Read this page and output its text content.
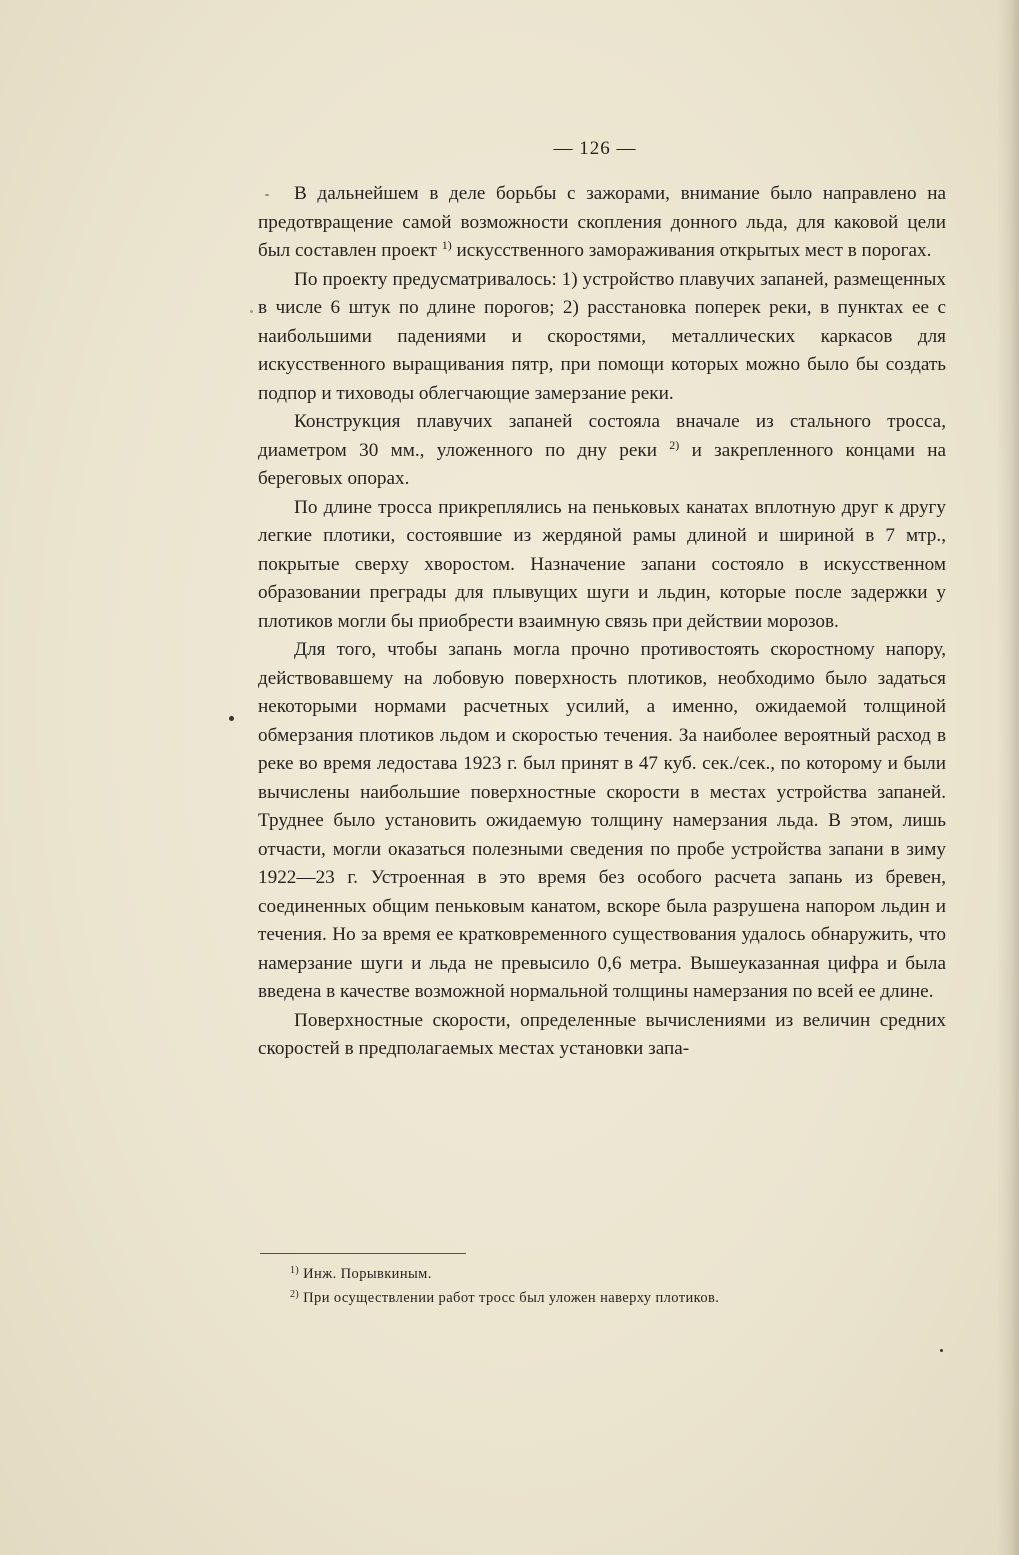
— 126 —

В дальнейшем в деле борьбы с зажорами, внимание было направлено на предотвращение самой возможности скопления донного льда, для каковой цели был составлен проект $^{1)}$ искусственного замораживания открытых мест в порогах.

По проекту предусматривалось: 1) устройство плавучих запаней, размещенных в числе 6 штук по длине порогов; 2) расстановка поперек реки, в пунктах ее с наибольшими падениями и скоростями, металлических каркасов для искусственного выращивания пятр, при помощи которых можно было бы создать подпор и тиховоды облегчающие замерзание реки.

Конструкция плавучих запаней состояла вначале из стального тросса, диаметром 30 мм., уложенного по дну реки $^{2)}$ и закрепленного концами на береговых опорах.

По длине тросса прикреплялись на пеньковых канатах вплотную друг к другу легкие плотики, состоявшие из жердяной рамы длиной и шириной в 7 мтр., покрытые сверху хворостом. Назначение запани состояло в искусственном образовании преграды для плывущих шуги и льдин, которые после задержки у плотиков могли бы приобрести взаимную связь при действии морозов.

Для того, чтобы запань могла прочно противостоять скоростному напору, действовавшему на лобовую поверхность плотиков, необходимо было задаться некоторыми нормами расчетных усилий, а именно, ожидаемой толщиной обмерзания плотиков льдом и скоростью течения. За наиболее вероятный расход в реке во время ледостава 1923 г. был принят в 47 куб. сек./сек., по которому и были вычислены наибольшие поверхностные скорости в местах устройства запаней. Труднее было установить ожидаемую толщину намерзания льда. В этом, лишь отчасти, могли оказаться полезными сведения по пробе устройства запани в зиму 1922—23 г. Устроенная в это время без особого расчета запань из бревен, соединенных общим пеньковым канатом, вскоре была разрушена напором льдин и течения. Но за время ее кратковременного существования удалось обнаружить, что намерзание шуги и льда не превысило 0,6 метра. Вышеуказанная цифра и была введена в качестве возможной нормальной толщины намерзания по всей ее длине.

Поверхностные скорости, определенные вычислениями из величин средних скоростей в предполагаемых местах установки запа-

$^{1)}$ Инж. Порывкиным.
$^{2)}$ При осуществлении работ тросс был уложен наверху плотиков.
